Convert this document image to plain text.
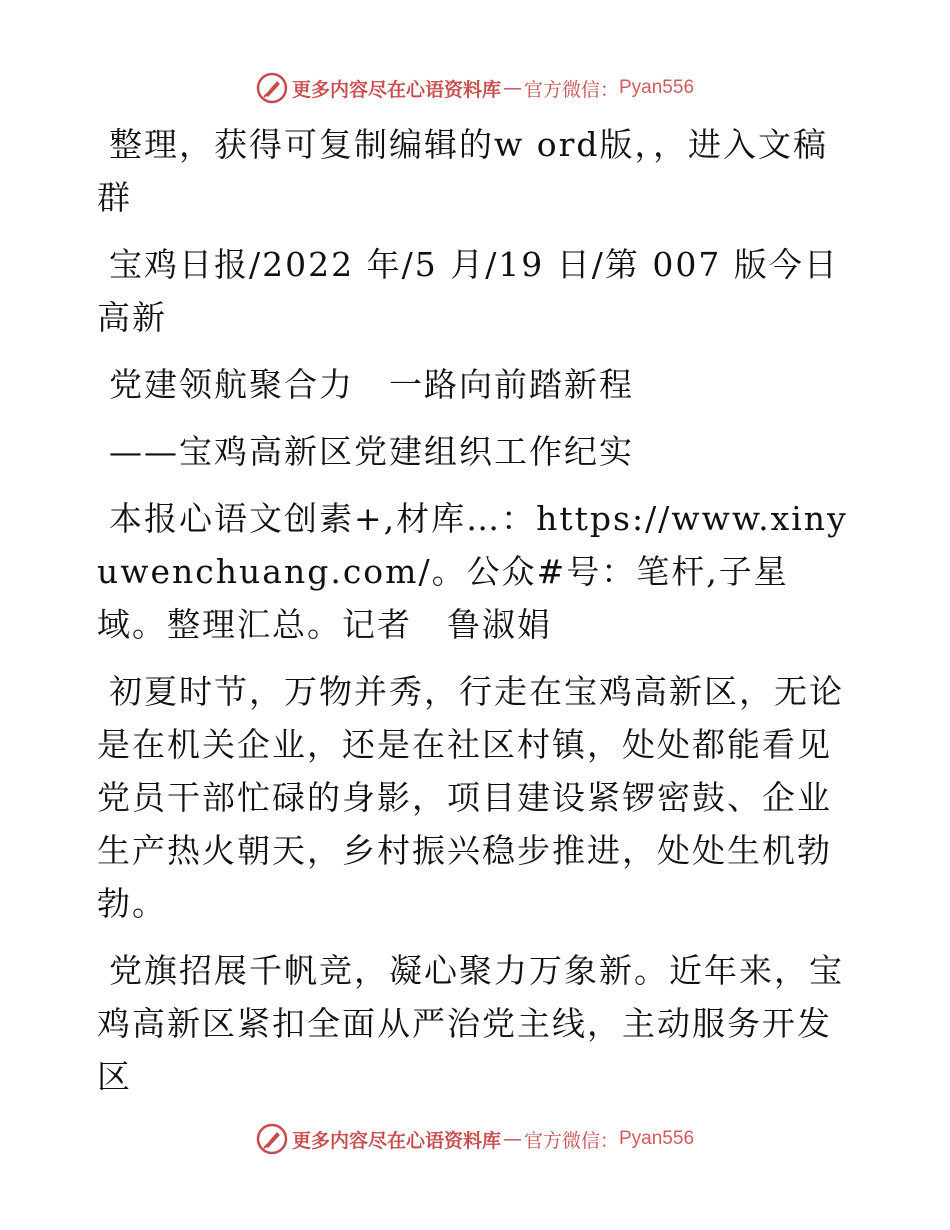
更多内容尽在心语资料库 — 官方微信： Pyan556

整理，获得可复制编辑的w ord版，，进入文稿群

宝鸡日报/2022 年/5 月/19 日/第 007 版今日高新

党建领航聚合力　一路向前踏新程

——宝鸡高新区党建组织工作纪实

本报心语文创素+,材库…：https://www.xinyuwenchuang.com/。公众#号：笔杆,子星域。整理汇总。记者　鲁淑娟

初夏时节，万物并秀，行走在宝鸡高新区，无论是在机关企业，还是在社区村镇，处处都能看见党员干部忙碌的身影，项目建设紧锣密鼓、企业生产热火朝天，乡村振兴稳步推进，处处生机勃勃。

党旗招展千帆竞，凝心聚力万象新。近年来，宝鸡高新区紧扣全面从严治党主线，主动服务开发区

更多内容尽在心语资料库 — 官方微信： Pyan556
